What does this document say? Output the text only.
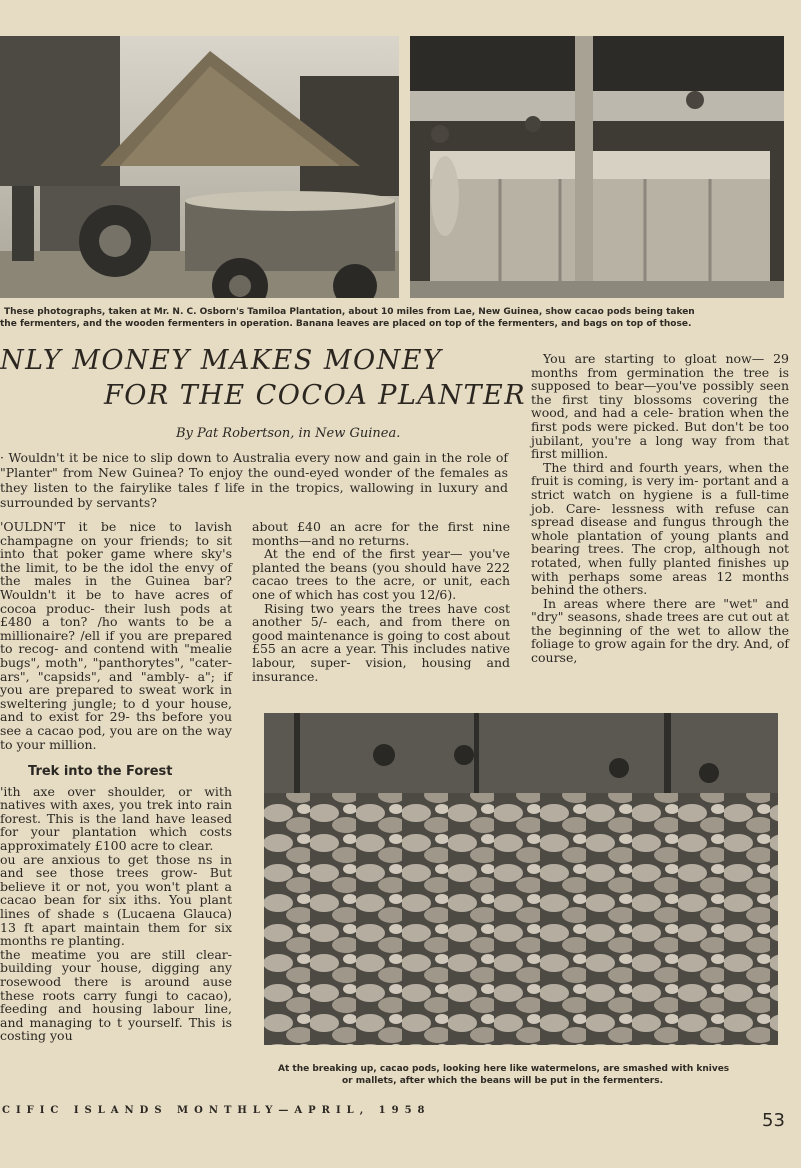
These photographs, taken at Mr. N. C. Osborn's Tamiloa Plantation, about 10 miles from Lae, New Guinea, show cacao pods being taken
the fermenters, and the wooden fermenters in operation. Banana leaves are placed on top of the fermenters, and bags on top of those.
NLY MONEY MAKES MONEY
FOR THE COCOA PLANTER
By Pat Robertson, in New Guinea.
· Wouldn't it be nice to slip down to Australia every now and gain in the role of "Planter" from New Guinea? To enjoy the ound-eyed wonder of the females as they listen to the fairylike tales f life in the tropics, wallowing in luxury and surrounded by servants?

'OULDN'T it be nice to lavish champagne on your friends; to sit into that poker game where sky's the limit, to be the idol the envy of the males in the Guinea bar? Wouldn't it be to have acres of cocoa produc- their lush pods at £480 a ton? /ho wants to be a millionaire? /ell if you are prepared to recog- and contend with "mealie bugs", moth", "panthorytes", "cater- ars", "capsids", and "ambly- a"; if you are prepared to sweat work in sweltering jungle; to d your house, and to exist for 29- ths before you see a cacao pod, you are on the way to your million.

Trek into the Forest

'ith axe over shoulder, or with natives with axes, you trek into rain forest. This is the land have leased for your plantation which costs approximately £100 acre to clear.

ou are anxious to get those ns in and see those trees grow- But believe it or not, you won't plant a cacao bean for six iths. You plant lines of shade s (Lucaena Glauca) 13 ft apart maintain them for six months re planting.

the meatime you are still clear- building your house, digging any rosewood there is around ause these roots carry fungi to cacao), feeding and housing labour line, and managing to t yourself. This is costing you

about £40 an acre for the first nine months—and no returns.

At the end of the first year— you've planted the beans (you should have 222 cacao trees to the acre, or unit, each one of which has cost you 12/6).

Rising two years the trees have cost another 5/- each, and from there on good maintenance is going to cost about £55 an acre a year. This includes native labour, super- vision, housing and insurance.

You are starting to gloat now— 29 months from germination the tree is supposed to bear—you've possibly seen the first tiny blossoms covering the wood, and had a cele- bration when the first pods were picked. But don't be too jubilant, you're a long way from that first million.

The third and fourth years, when the fruit is coming, is very im- portant and a strict watch on hygiene is a full-time job. Care- lessness with refuse can spread disease and fungus through the whole plantation of young plants and bearing trees. The crop, although not rotated, when fully planted finishes up with perhaps some areas 12 months behind the others.

In areas where there are "wet" and "dry" seasons, shade trees are cut out at the beginning of the wet to allow the foliage to grow again for the dry. And, of course,

At the breaking up, cacao pods, looking here like watermelons, are smashed with knives
or mallets, after which the beans will be put in the fermenters.
CIFIC ISLANDS MONTHLY—APRIL, 1958	53
